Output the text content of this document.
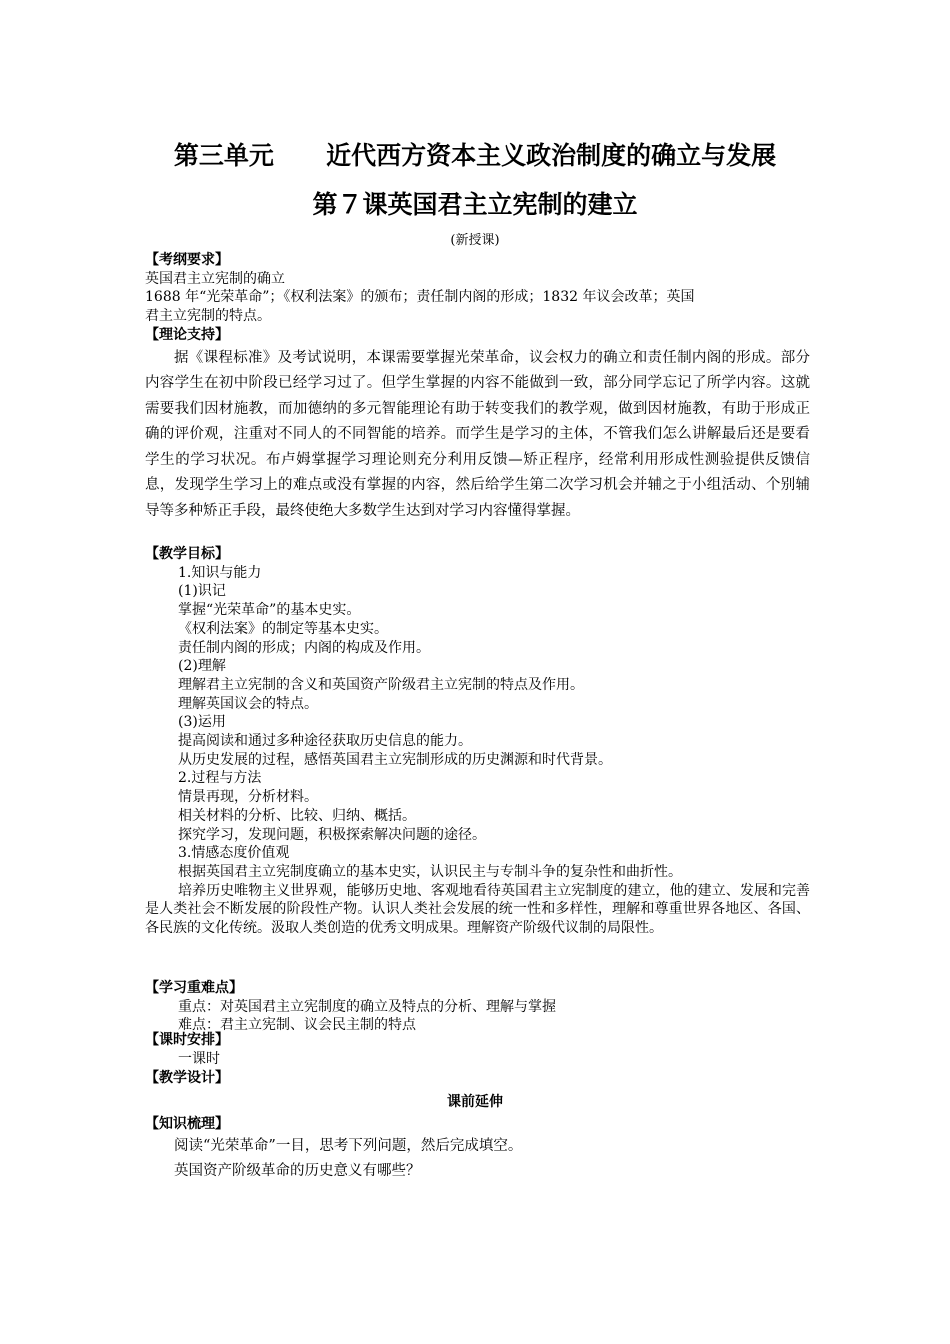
第三单元      近代西方资本主义政治制度的确立与发展
第７课英国君主立宪制的建立
(新授课)
【考纲要求】
英国君主立宪制的确立
1688 年“光荣革命”；《权利法案》的颁布；责任制内阁的形成；1832 年议会改革；英国
君主立宪制的特点。
【理论支持】
据《课程标准》及考试说明，本课需要掌握光荣革命，议会权力的确立和责任制内阁的形成。部分内容学生在初中阶段已经学习过了。但学生掌握的内容不能做到一致，部分同学忘记了所学内容。这就需要我们因材施教，而加德纳的多元智能理论有助于转变我们的教学观，做到因材施教，有助于形成正确的评价观，注重对不同人的不同智能的培养。而学生是学习的主体，不管我们怎么讲解最后还是要看学生的学习状况。布卢姆掌握学习理论则充分利用反馈—矫正程序，经常利用形成性测验提供反馈信息，发现学生学习上的难点或没有掌握的内容，然后给学生第二次学习机会并辅之于小组活动、个别辅导等多种矫正手段，最终使绝大多数学生达到对学习内容懂得掌握。
【教学目标】
1.知识与能力
(1)识记
掌握“光荣革命”的基本史实。
《权利法案》的制定等基本史实。
责任制内阁的形成；内阁的构成及作用。
(2)理解
理解君主立宪制的含义和英国资产阶级君主立宪制的特点及作用。
理解英国议会的特点。
(3)运用
提高阅读和通过多种途径获取历史信息的能力。
从历史发展的过程，感悟英国君主立宪制形成的历史渊源和时代背景。
2.过程与方法
情景再现，分析材料。
相关材料的分析、比较、归纳、概括。
探究学习，发现问题，积极探索解决问题的途径。
3.情感态度价值观
根据英国君主立宪制度确立的基本史实，认识民主与专制斗争的复杂性和曲折性。
培养历史唯物主义世界观，能够历史地、客观地看待英国君主立宪制度的建立，他的建立、发展和完善是人类社会不断发展的阶段性产物。认识人类社会发展的统一性和多样性，理解和尊重世界各地区、各国、各民族的文化传统。汲取人类创造的优秀文明成果。理解资产阶级代议制的局限性。
【学习重难点】
重点：对英国君主立宪制度的确立及特点的分析、理解与掌握
难点：君主立宪制、议会民主制的特点
【课时安排】
一课时
【教学设计】
课前延伸
【知识梳理】
阅读“光荣革命”一目，思考下列问题，然后完成填空。
英国资产阶级革命的历史意义有哪些？
